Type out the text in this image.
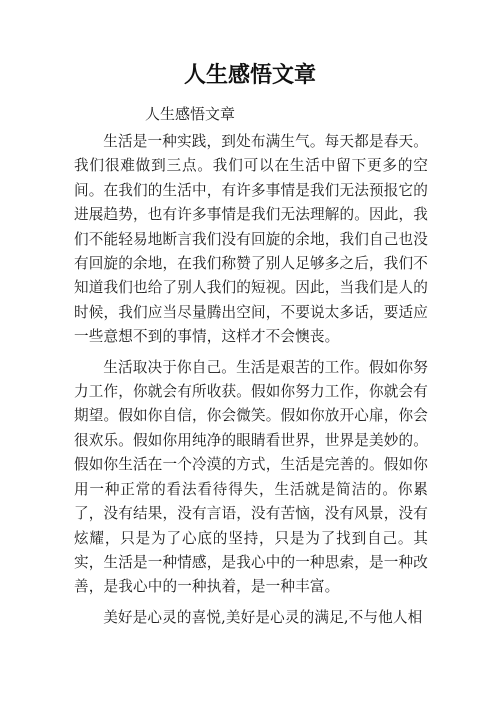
人生感悟文章
人生感悟文章

生活是一种实践，到处布满生气。每天都是春天。我们很难做到三点。我们可以在生活中留下更多的空间。在我们的生活中，有许多事情是我们无法预报它的进展趋势，也有许多事情是我们无法理解的。因此，我们不能轻易地断言我们没有回旋的余地，我们自己也没有回旋的余地，在我们称赞了别人足够多之后，我们不知道我们也给了别人我们的短视。因此，当我们是人的时候，我们应当尽量腾出空间，不要说太多话，要适应一些意想不到的事情，这样才不会懊丧。

生活取决于你自己。生活是艰苦的工作。假如你努力工作，你就会有所收获。假如你努力工作，你就会有期望。假如你自信，你会微笑。假如你放开心扉，你会很欢乐。假如你用纯净的眼睛看世界，世界是美妙的。假如你生活在一个冷漠的方式，生活是完善的。假如你用一种正常的看法看待得失，生活就是简洁的。你累了，没有结果，没有言语，没有苦恼，没有风景，没有炫耀，只是为了心底的坚持，只是为了找到自己。其实，生活是一种情感，是我心中的一种思索，是一种改善，是我心中的一种执着，是一种丰富。

美好是心灵的喜悦,美好是心灵的满足,不与他人相
